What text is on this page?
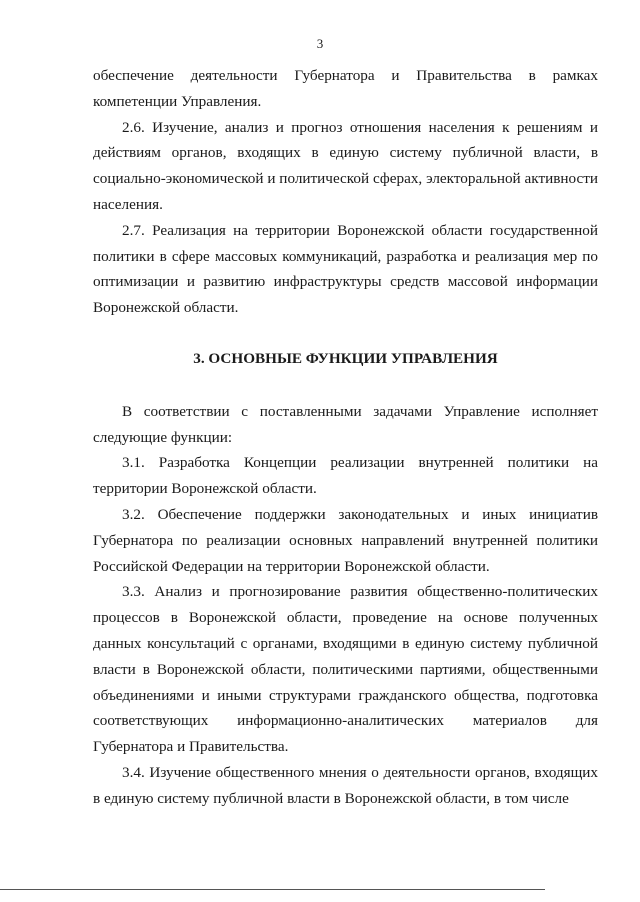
3

обеспечение деятельности Губернатора и Правительства в рамках компетенции Управления.

2.6. Изучение, анализ и прогноз отношения населения к решениям и действиям органов, входящих в единую систему публичной власти, в социально-экономической и политической сферах, электоральной активности населения.

2.7. Реализация на территории Воронежской области государственной политики в сфере массовых коммуникаций, разработка и реализация мер по оптимизации и развитию инфраструктуры средств массовой информации Воронежской области.

3. ОСНОВНЫЕ ФУНКЦИИ УПРАВЛЕНИЯ

В соответствии с поставленными задачами Управление исполняет следующие функции:

3.1. Разработка Концепции реализации внутренней политики на территории Воронежской области.

3.2. Обеспечение поддержки законодательных и иных инициатив Губернатора по реализации основных направлений внутренней политики Российской Федерации на территории Воронежской области.

3.3. Анализ и прогнозирование развития общественно-политических процессов в Воронежской области, проведение на основе полученных данных консультаций с органами, входящими в единую систему публичной власти в Воронежской области, политическими партиями, общественными объединениями и иными структурами гражданского общества, подготовка соответствующих информационно-аналитических материалов для Губернатора и Правительства.

3.4. Изучение общественного мнения о деятельности органов, входящих в единую систему публичной власти в Воронежской области, в том числе
